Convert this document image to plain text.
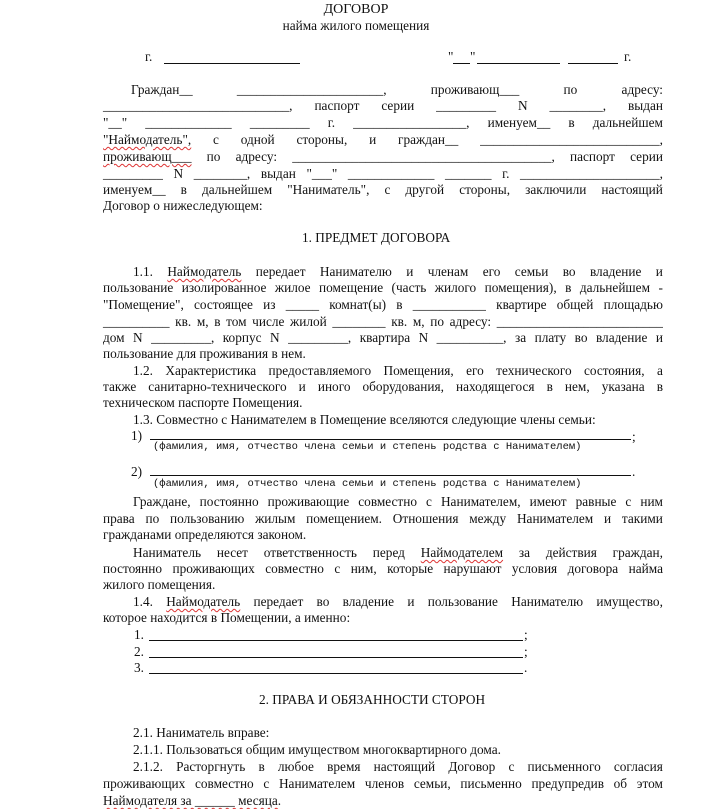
ДОГОВОР
найма жилого помещения
г.	" "	г.
Граждан__	______________________,	проживающ___	по	адресу:
____________________________, паспорт серии _________ N ________, выдан
"__" _____________ _________ г. _________________, именуем__ в дальнейшем
"Наймодатель", с одной стороны, и граждан__ ___________________________,
проживающ___ по адресу: _______________________________________, паспорт серии
_________ N ________, выдан "___" _____________ _______ г. _____________________,
именуем__ в дальнейшем "Наниматель", с другой стороны, заключили настоящий
Договор о нижеследующем:
1. ПРЕДМЕТ ДОГОВОРА
1.1. Наймодатель передает Нанимателю и членам его семьи во владение и
пользование изолированное жилое помещение (часть жилого помещения), в дальнейшем -
"Помещение", состоящее из _____ комнат(ы) в ___________ квартире общей площадью
__________ кв. м, в том числе жилой ________ кв. м, по адресу: _________________________
дом N _________, корпус N _________, квартира N __________, за плату во владение и
пользование для проживания в нем.
1.2. Характеристика предоставляемого Помещения, его технического состояния, а
также санитарно-технического и иного оборудования, находящегося в нем, указана в
техническом паспорте Помещения.
1.3. Совместно с Нанимателем в Помещение вселяются следующие члены семьи:
1)	;
(фамилия, имя, отчество члена семьи и степень родства с Нанимателем)
2)	.
(фамилия, имя, отчество члена семьи и степень родства с Нанимателем)
Граждане, постоянно проживающие совместно с Нанимателем, имеют равные с ним
права по пользованию жилым помещением. Отношения между Нанимателем и такими
гражданами определяются законом.
Наниматель несет ответственность перед Наймодателем за действия граждан,
постоянно проживающих совместно с ним, которые нарушают условия договора найма
жилого помещения.
1.4. Наймодатель передает во владение и пользование Нанимателю имущество,
которое находится в Помещении, а именно:
1.	;
2.	;
3.	.
2. ПРАВА И ОБЯЗАННОСТИ СТОРОН
2.1. Наниматель вправе:
2.1.1. Пользоваться общим имуществом многоквартирного дома.
2.1.2. Расторгнуть в любое время настоящий Договор с письменного согласия
проживающих совместно с Нанимателем членов семьи, письменно предупредив об этом
Наймодателя за ______ месяца.
